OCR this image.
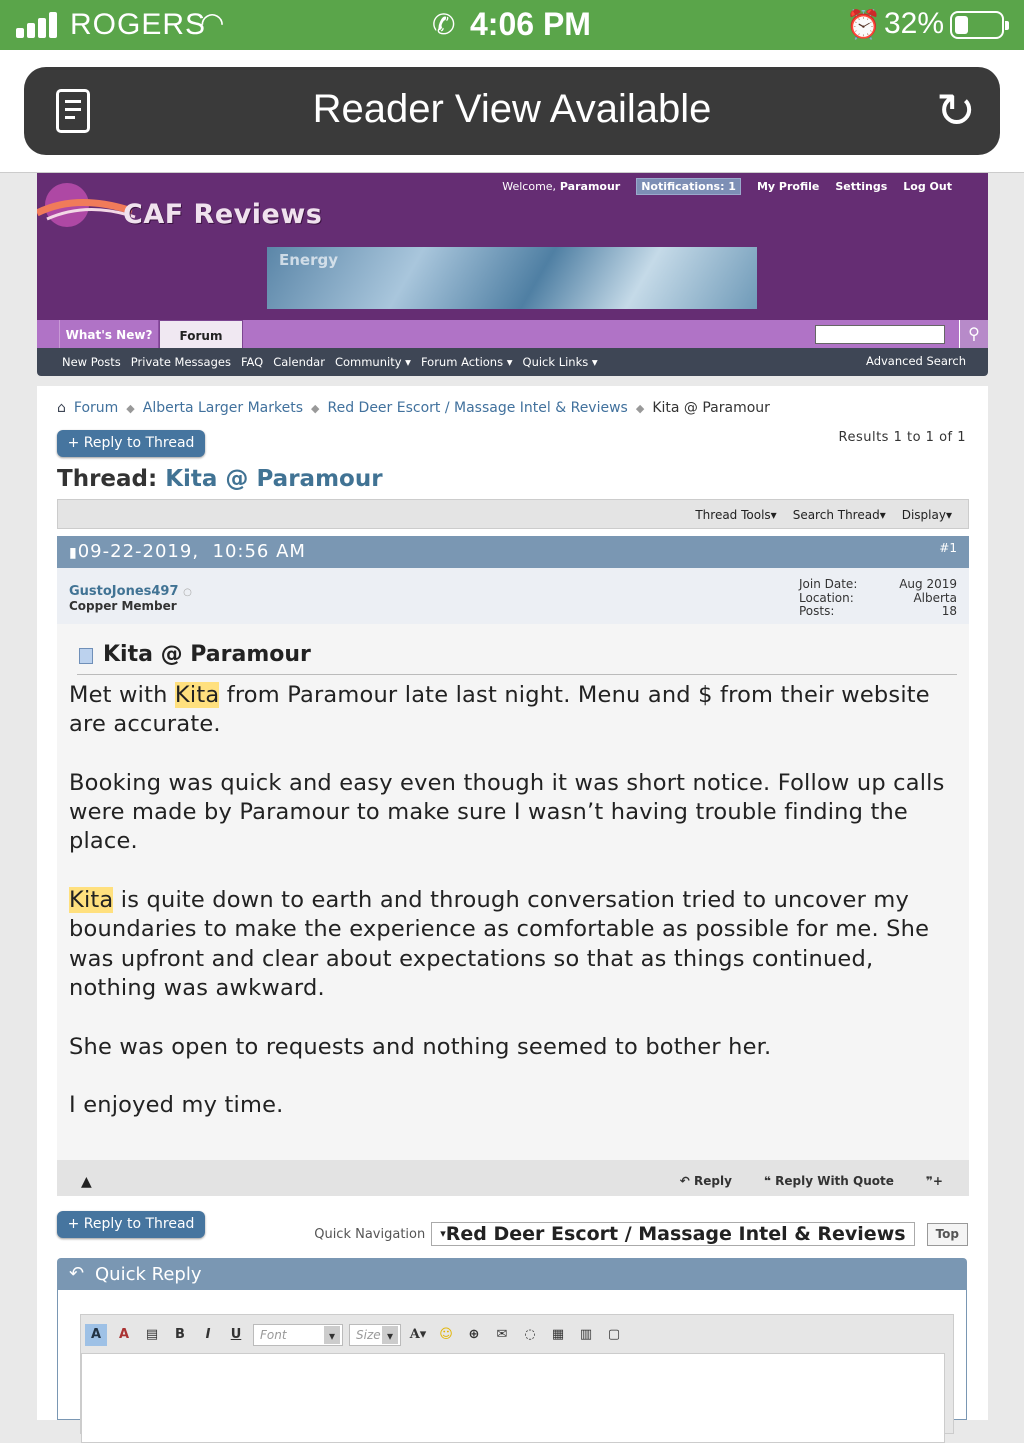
ROGERS
◠	✆ 4:06 PM	⏰ 32%
Reader View Available	↻
CAF Reviews
Welcome, Paramour	Notifications: 1	My Profile Settings Log Out
Energy
What's New?	Forum	⚲
New Posts Private Messages FAQ Calendar Community ▾ Forum Actions ▾ Quick Links ▾	Advanced Search
⌂ Forum ◆ Alberta Larger Markets ◆ Red Deer Escort / Massage Intel & Reviews ◆ Kita @ Paramour
+ Reply to Thread	Results 1 to 1 of 1
Thread: Kita @ Paramour
Thread Tools▾ Search Thread▾ Display▾
▮09-22-2019, 10:56 AM	#1
GustoJones497 ○
Copper Member
Join Date:	Aug 2019
Location:	Alberta
Posts:	18
Kita @ Paramour

Met with Kita from Paramour late last night. Menu and $ from their website are accurate.

Booking was quick and easy even though it was short notice. Follow up calls were made by Paramour to make sure I wasn’t having trouble finding the place.

Kita is quite down to earth and through conversation tried to uncover my boundaries to make the experience as comfortable as possible for me. She was upfront and clear about expectations so that as things continued, nothing was awkward.

She was open to requests and nothing seemed to bother her.

I enjoyed my time.

▲	↶ Reply	❝ Reply With Quote	❞+
+ Reply to Thread
Quick Navigation	▾Red Deer Escort / Massage Intel & Reviews	Top
↶ Quick Reply
A	A	▤	B	I	U	Font ▾	Size ▾	A▾ ☺	⊕	✉	◌	▦	▥	▢
